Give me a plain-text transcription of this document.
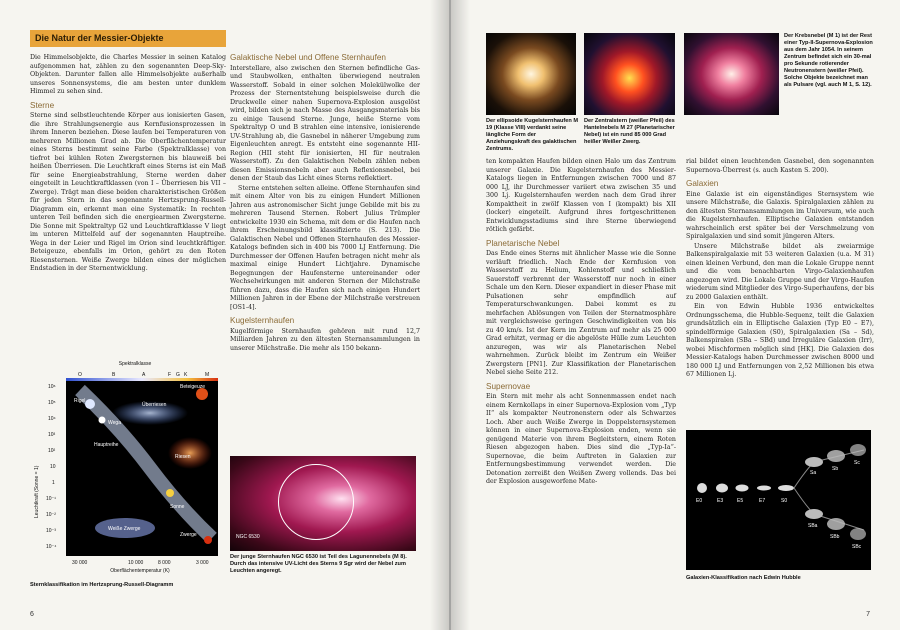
Die Natur der Messier-Objekte

Die Himmelsobjekte, die Charles Messier in seinen Katalog aufgenommen hat, zählen zu den sogenannten Deep-Sky-Objekten. Darunter fallen alle Himmelsobjekte außerhalb unseres Sonnensystems, die am besten unter dunklem Himmel zu sehen sind.

Sterne

Sterne sind selbstleuchtende Körper aus ionisierten Gasen, die ihre Strahlungsenergie aus Kernfusionsprozessen in ihrem Inneren beziehen. Diese laufen bei Temperaturen von mehreren Millionen Grad ab. Die Oberflächentemperatur eines Sterns bestimmt seine Farbe (Spektralklasse) von tiefrot bei kühlen Roten Zwergsternen bis blauweiß bei heißen Überriesen. Die Leuchtkraft eines Sterns ist ein Maß für seine Energieabstrahlung, Sterne werden daher eingeteilt in Leuchtkraftklassen (von I – Überriesen bis VII – Zwerge). Trägt man diese beiden charakteristischen Größen für jeden Stern in das sogenannte Hertzsprung-Russell-Diagramm ein, erkennt man eine Systematik: In rechten unteren Teil befinden sich die energiearmen Zwergsterne. Die Sonne mit Spektraltyp G2 und Leuchtkraftklasse V liegt im unteren Mittelfeld auf der sogenannten Hauptreihe. Wega in der Leier und Rigel im Orion sind leuchtkräftiger. Beteigeuze, ebenfalls im Orion, gehört zu den Roten Riesensternen. Weiße Zwerge bilden eines der möglichen Endstadien in der Sternentwicklung.

Spektralklasse
O	B	A	F G K	M
Überriesen
Riesen
Hauptreihe
Sonne
Weiße Zwerge
Zwerge
Rigel
Wega
Beteigeuze
10⁶
10⁵
10⁴
10³
10²
10
1
10⁻¹
10⁻²
10⁻³
10⁻⁴
Leuchtkraft (Sonne = 1)
30 000	10 000	8 000	3 000
Oberflächentemperatur (K)
Sternklassifikation im Hertzsprung-Russell-Diagramm
Galaktische Nebel und Offene Sternhaufen

Interstellare, also zwischen den Sternen befindliche Gas- und Staubwolken, enthalten überwiegend neutralen Wasserstoff. Sobald in einer solchen Molekülwolke der Prozess der Sternentstehung beispielsweise durch die Druckwelle einer nahen Supernova-Explosion ausgelöst wird, bilden sich je nach Masse des Ausgangsmaterials bis zu einige Tausend Sterne. Junge, heiße Sterne vom Spektraltyp O und B strahlen eine intensive, ionisierende UV-Strahlung ab, die Gasnebel in näherer Umgebung zum Eigenleuchten anregt. Es entsteht eine sogenannte HII-Region (HII steht für ionisierten, HI für neutralen Wasserstoff). Zu den Galaktischen Nebeln zählen neben diesen Emissionsnebeln aber auch Reflexionsnebel, bei denen der Staub das Licht eines Sterns reflektiert.

Sterne entstehen selten alleine. Offene Sternhaufen sind mit einem Alter von bis zu einigen Hundert Millionen Jahren aus astronomischer Sicht junge Gebilde mit bis zu mehreren Tausend Sternen. Robert Julius Trümpler entwickelte 1930 ein Schema, mit dem er die Haufen nach ihrem Erscheinungsbild klassifizierte (S. 213). Die Galaktischen Nebel und Offenen Sternhaufen des Messier-Katalogs befinden sich in 400 bis 7000 LJ Entfernung. Die Durchmesser der Offenen Haufen betragen nicht mehr als maximal einige Hundert Lichtjahre. Dynamische Begegnungen der Haufensterne untereinander oder Wechselwirkungen mit anderen Sternen der Milchstraße führen dazu, dass die Haufen sich nach einigen Hundert Millionen Jahren in der Ebene der Milchstraße verstreuen [OS1-4].

Kugelsternhaufen

Kugelförmige Sternhaufen gehören mit rund 12,7 Milliarden Jahren zu den ältesten Sternansammlungen in unserer Milchstraße. Die mehr als 150 bekann-

NGC 6530
Der junge Sternhaufen NGC 6530 ist Teil des Lagunennebels (M 8). Durch das intensive UV-Licht des Sterns 9 Sgr wird der Nebel zum Leuchten angeregt.
6
Der ellipsoide Kugelsternhaufen M 19 (Klasse VIII) verdankt seine längliche Form der Anziehungskraft des galaktischen Zentrums.
Der Zentralstern (weißer Pfeil) des Hantelnebels M 27 (Planetarischer Nebel) ist ein rund 85 000 Grad heißer Weißer Zwerg.
Der Krebsnebel (M 1) ist der Rest einer Typ-II-Supernova-Explosion aus dem Jahr 1054. In seinem Zentrum befindet sich ein 30-mal pro Sekunde rotierender Neutronenstern (weißer Pfeil). Solche Objekte bezeichnet man als Pulsare (vgl. auch M 1, S. 12).

ten kompakten Haufen bilden einen Halo um das Zentrum unserer Galaxie. Die Kugelsternhaufen des Messier-Katalogs liegen in Entfernungen zwischen 7000 und 87 000 LJ, ihr Durchmesser variiert etwa zwischen 35 und 300 Lj. Kugelsternhaufen werden nach dem Grad ihrer Kompaktheit in zwölf Klassen von I (kompakt) bis XII (locker) eingeteilt. Aufgrund ihres fortgeschrittenen Entwicklungsstadiums sind ihre Sterne überwiegend rötlich gefärbt.

Planetarische Nebel

Das Ende eines Sterns mit ähnlicher Masse wie die Sonne verläuft friedlich. Nach Ende der Kernfusion von Wasserstoff zu Helium, Kohlenstoff und schließlich Sauerstoff verbrennt der Wasserstoff nur noch in einer Schale um den Kern. Dieser expandiert in dieser Phase mit Pulsationen sehr empfindlich auf Temperaturschwankungen. Dabei kommt es zu mehrfachen Ablösungen von Teilen der Sternatmosphäre mit vergleichsweise geringen Geschwindigkeiten von bis zu 40 km/s. Ist der Kern im Zentrum auf mehr als 25 000 Grad erhitzt, vermag er die abgelöste Hülle zum Leuchten anzuregen, was wir als Planetarischen Nebel wahrnehmen. Zurück bleibt im Zentrum ein Weißer Zwergstern [PN1]. Zur Klassifikation der Planetarischen Nebel siehe Seite 212.

Supernovae

Ein Stern mit mehr als acht Sonnenmassen endet nach einem Kernkollaps in einer Supernova-Explosion vom „Typ II“ als kompakter Neutronenstern oder als Schwarzes Loch. Aber auch Weiße Zwerge in Doppelsternsystemen können in einer Supernova-Explosion enden, wenn sie genügend Materie von ihrem Begleitstern, einem Roten Riesen abgezogen haben. Dies sind die „Typ-Ia“-Supernovae, die beim Auftreten in Galaxien zur Entfernungsbestimmung verwendet werden. Die Detonation zerreißt den Weißen Zwerg vollends. Das bei der Explosion ausgeworfene Mate-

rial bildet einen leuchtenden Gasnebel, den sogenannten Supernova-Überrest (s. auch Kasten S. 200).

Galaxien

Eine Galaxie ist ein eigenständiges Sternsystem wie unsere Milchstraße, die Galaxis. Spiralgalaxien zählen zu den ältesten Sternansammlungen im Universum, wie auch die Kugelsternhaufen. Elliptische Galaxien entstanden wahrscheinlich erst später bei der Verschmelzung von Spiralgalaxien und sind somit jüngeren Alters.

Unsere Milchstraße bildet als zweiarmige Balkenspiralgalaxie mit 53 weiteren Galaxien (u.a. M 31) einen kleinen Verbund, den man die Lokale Gruppe nennt und die vom benachbarten Virgo-Galaxienhaufen angezogen wird. Die Lokale Gruppe und der Virgo-Haufen wiederum sind Mitglieder des Virgo-Superhaufens, der bis zu 2000 Galaxien enthält.

Ein von Edwin Hubble 1936 entwickeltes Ordnungsschema, die Hubble-Sequenz, teilt die Galaxien grundsätzlich ein in Elliptische Galaxien (Typ E0 – E7), spindelförmige Galaxien (S0), Spiralgalaxien (Sa – Sd), Balkenspiralen (SBa – SBd) und Irreguläre Galaxien (Irr), wobei Mischformen möglich sind [HK]. Die Galaxien des Messier-Katalogs haben Durchmesser zwischen 8000 und 180 000 LJ und Entfernungen von 2,52 Millionen bis etwa 67 Millionen Lj.

E0	E3	E5	E7	S0
Sa
Sb
Sc
SBa
SBb
SBc
Galaxien-Klassifikation nach Edwin Hubble
7
